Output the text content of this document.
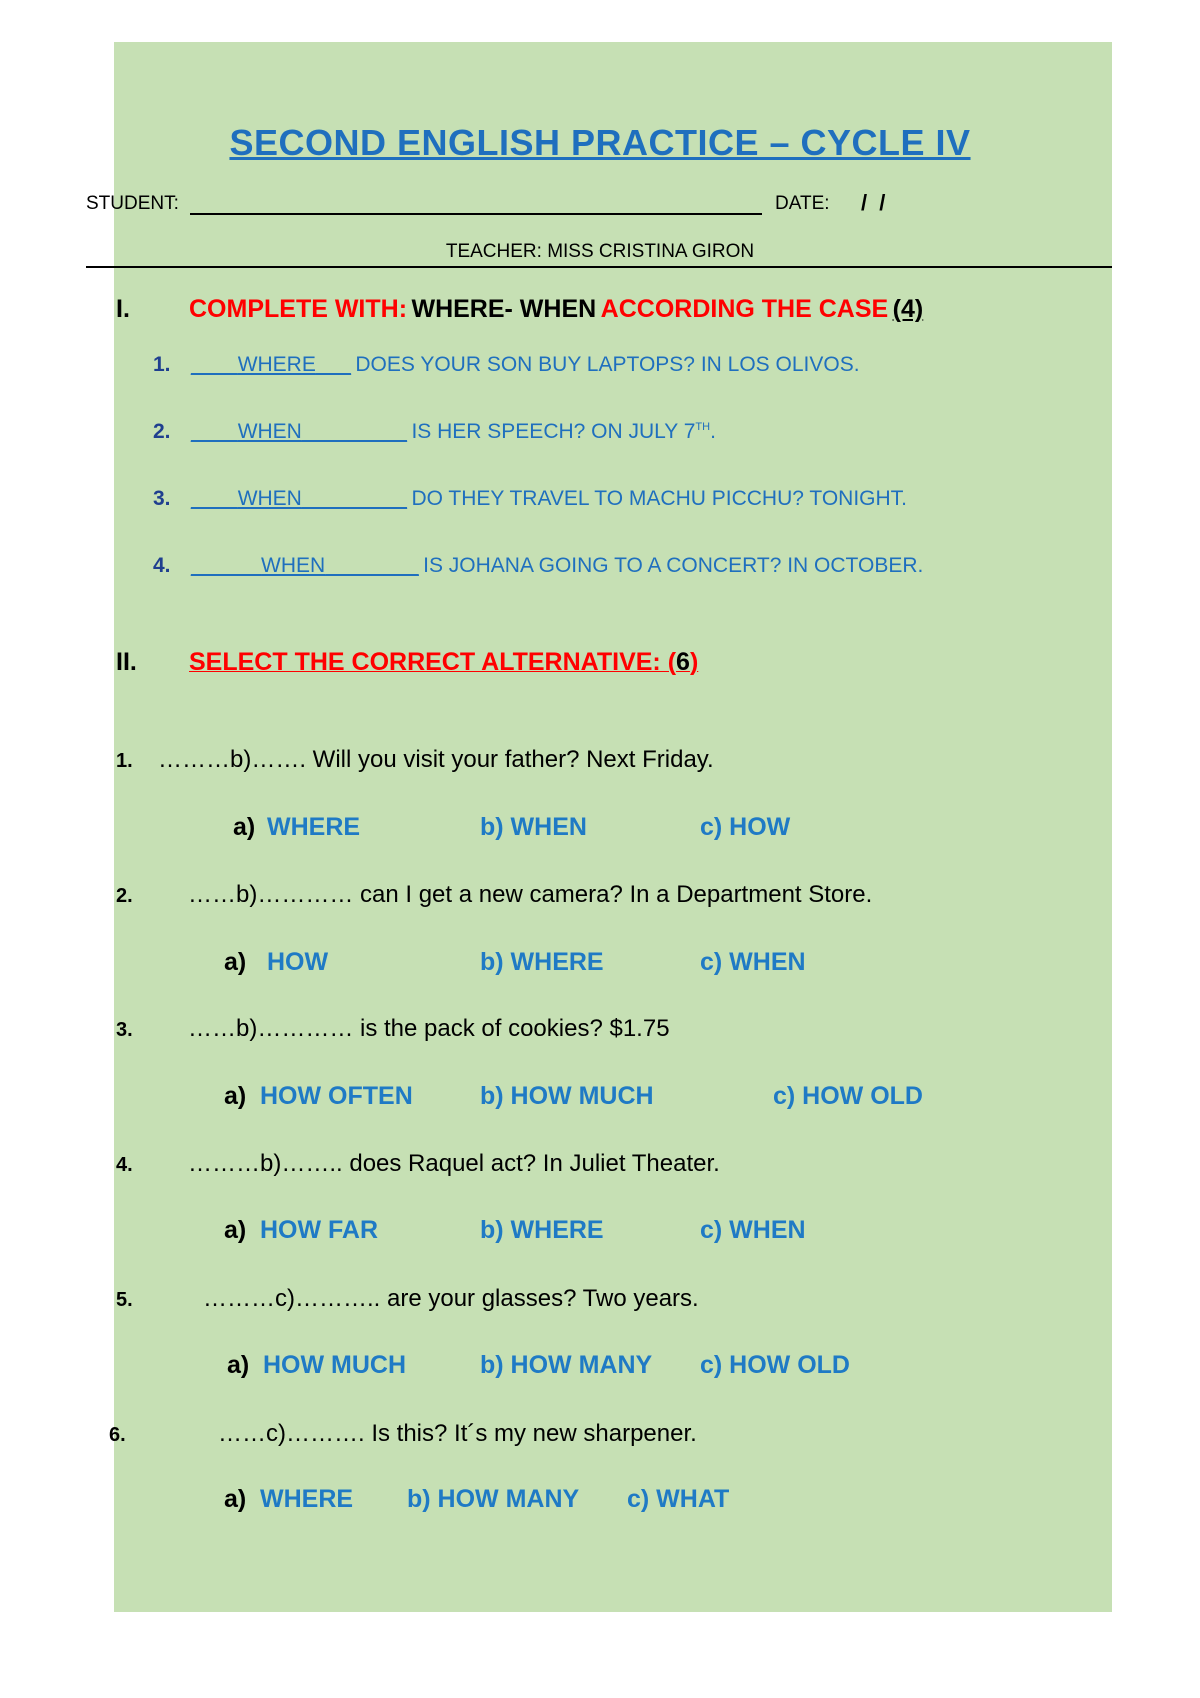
SECOND ENGLISH PRACTICE – CYCLE IV
STUDENT:	DATE: / /
TEACHER: MISS CRISTINA GIRON
I. COMPLETE WITH: WHERE- WHEN ACCORDING THE CASE (4)
1. ____WHERE___ DOES YOUR SON BUY LAPTOPS? IN LOS OLIVOS.
2. ____WHEN_________ IS HER SPEECH? ON JULY 7TH.
3. ____WHEN_________ DO THEY TRAVEL TO MACHU PICCHU? TONIGHT.
4. ______WHEN________ IS JOHANA GOING TO A CONCERT? IN OCTOBER.
II. SELECT THE CORRECT ALTERNATIVE: (6)
1. ………b)……. Will you visit your father? Next Friday.
a) WHERE	b) WHEN	c) HOW
2. ……b)………… can I get a new camera? In a Department Store.
a) HOW	b) WHERE	c) WHEN
3. ……b)………… is the pack of cookies? $1.75
a) HOW OFTEN	b) HOW MUCH	c) HOW OLD
4. ………b)…….. does Raquel act? In Juliet Theater.
a) HOW FAR	b) WHERE	c) WHEN
5.	………c)……….. are your glasses? Two years.
a) HOW MUCH	b) HOW MANY c) HOW OLD
6.	……c)………. Is this? It´s my new sharpener.
a) WHERE b) HOW MANY c) WHAT
